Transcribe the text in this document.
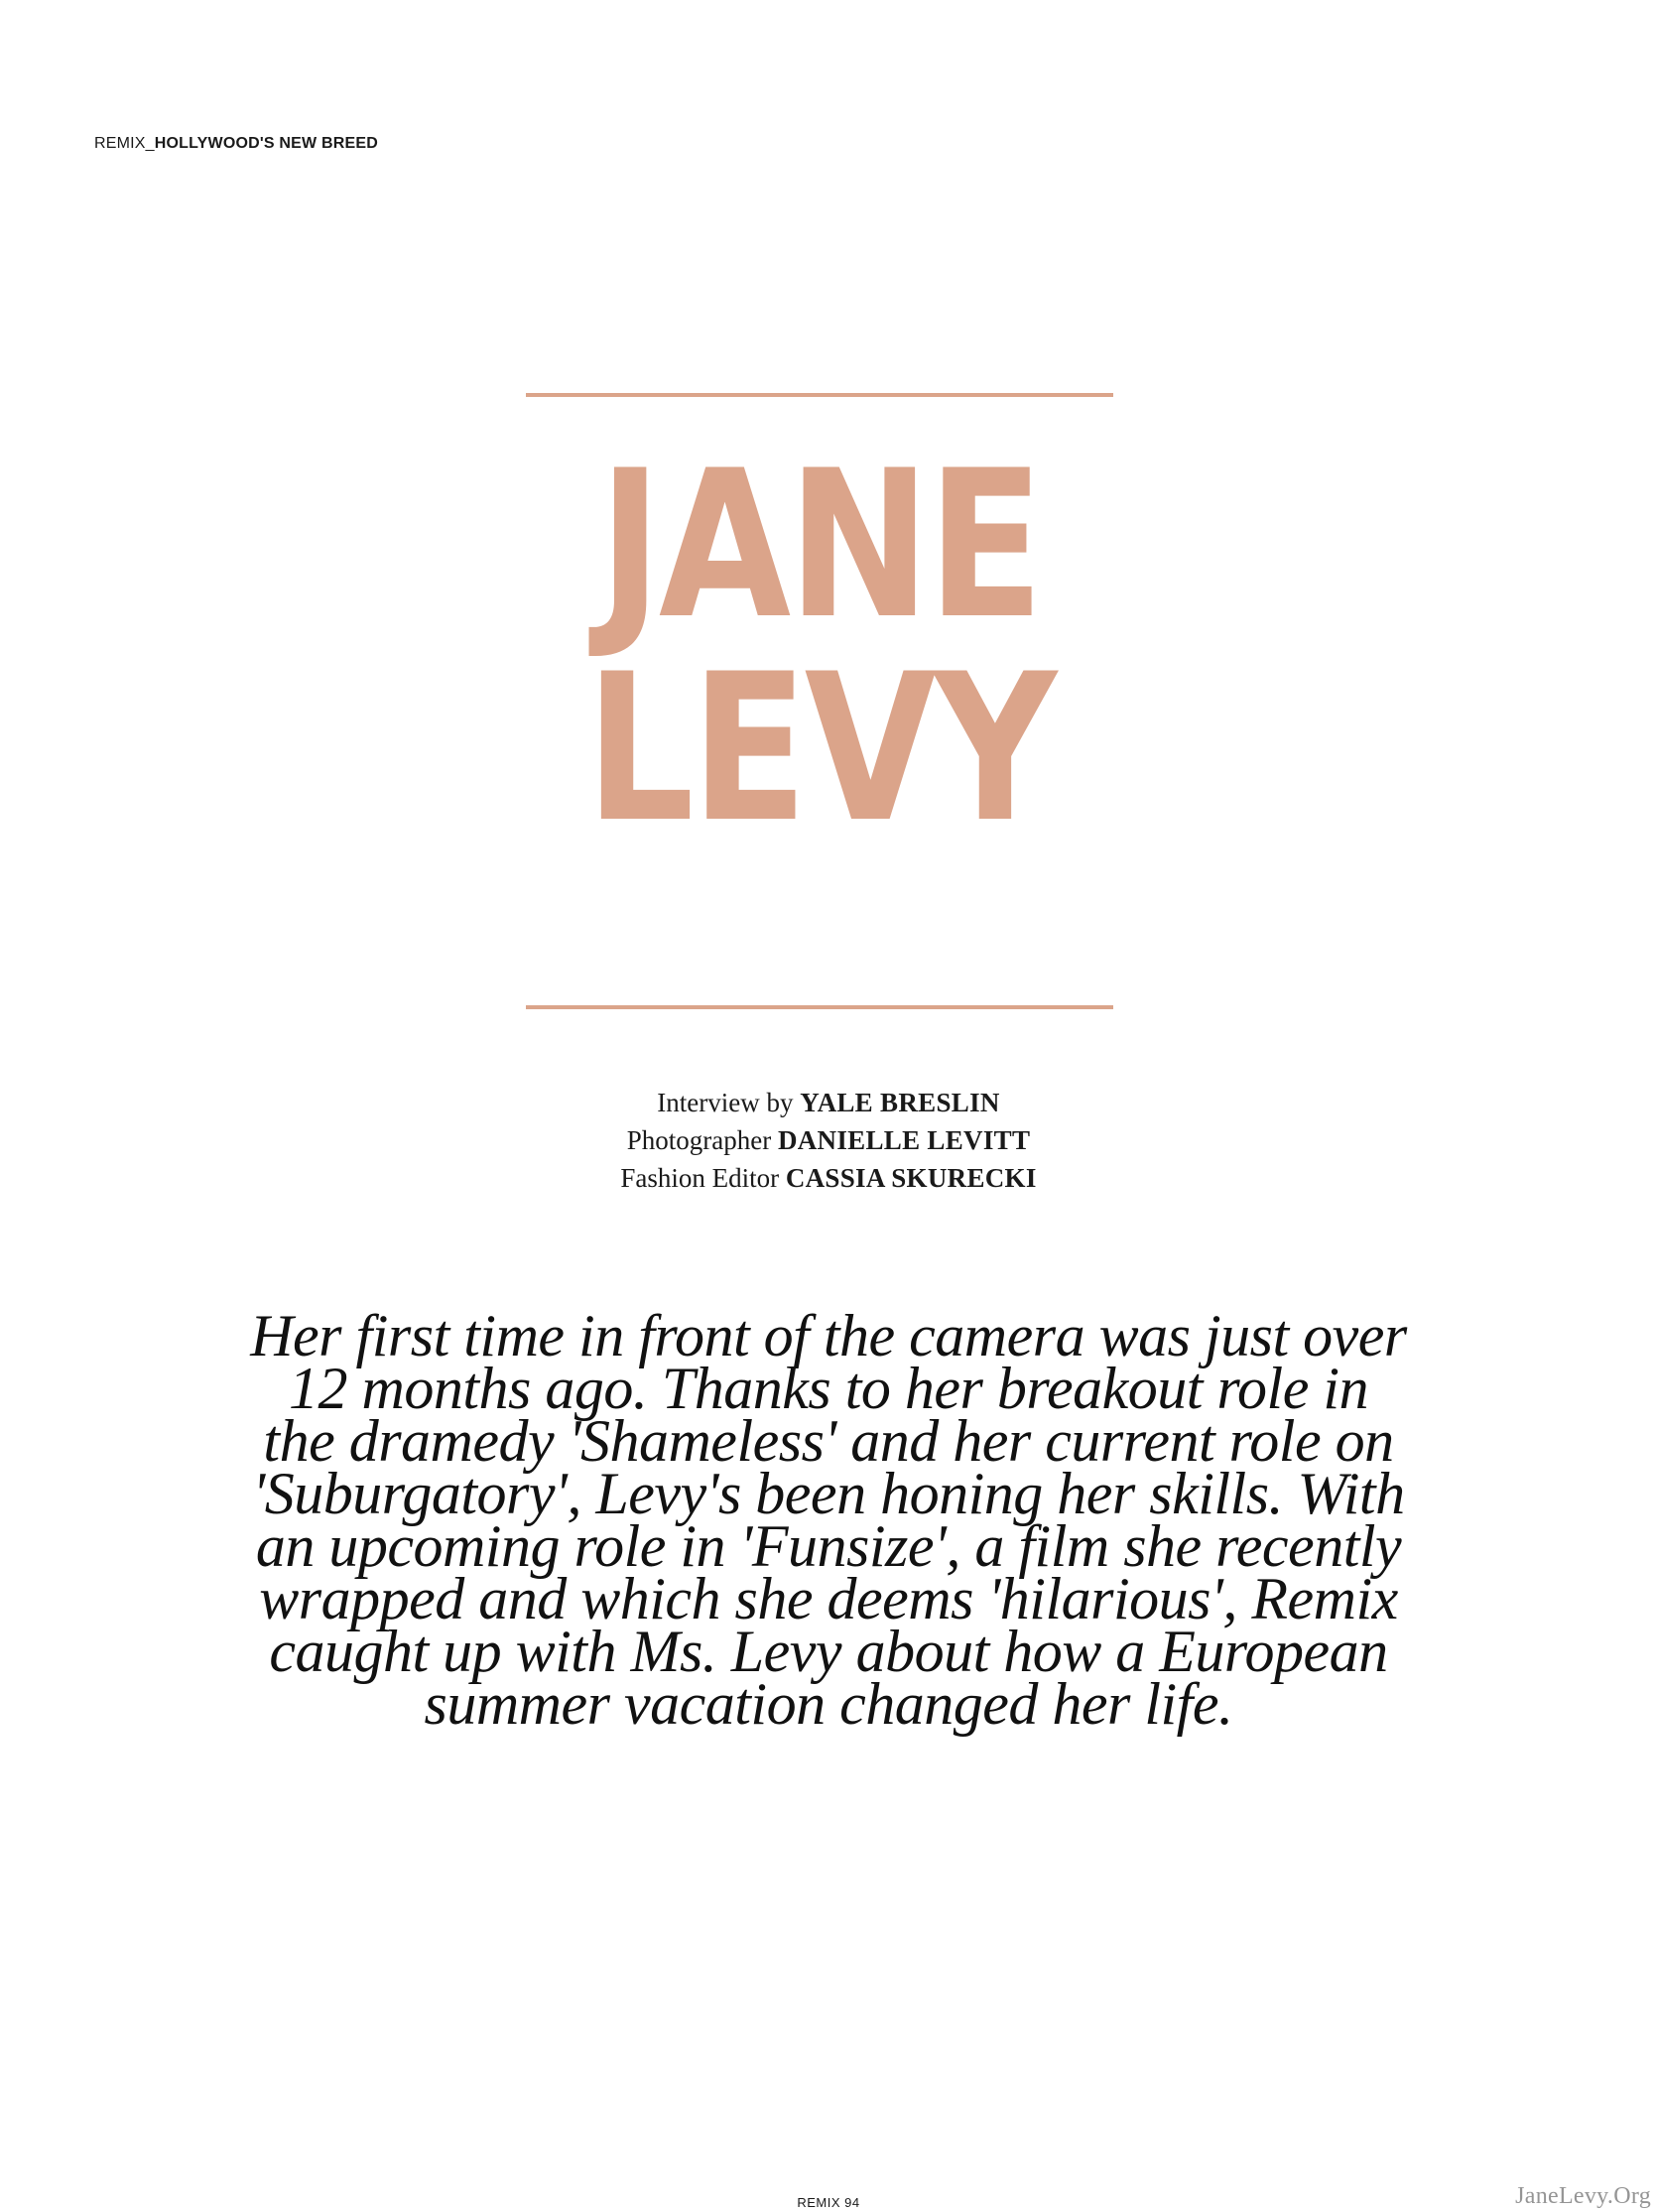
REMIX_HOLLYWOOD'S NEW BREED
JANE
LEVY
Interview by YALE BRESLIN
Photographer DANIELLE LEVITT
Fashion Editor CASSIA SKURECKI
Her first time in front of the camera was just over 12 months ago. Thanks to her breakout role in the dramedy 'Shameless' and her current role on 'Suburgatory', Levy's been honing her skills. With an upcoming role in 'Funsize', a film she recently wrapped and which she deems 'hilarious', Remix caught up with Ms. Levy about how a European summer vacation changed her life.
REMIX 94	JaneLevy.Org
